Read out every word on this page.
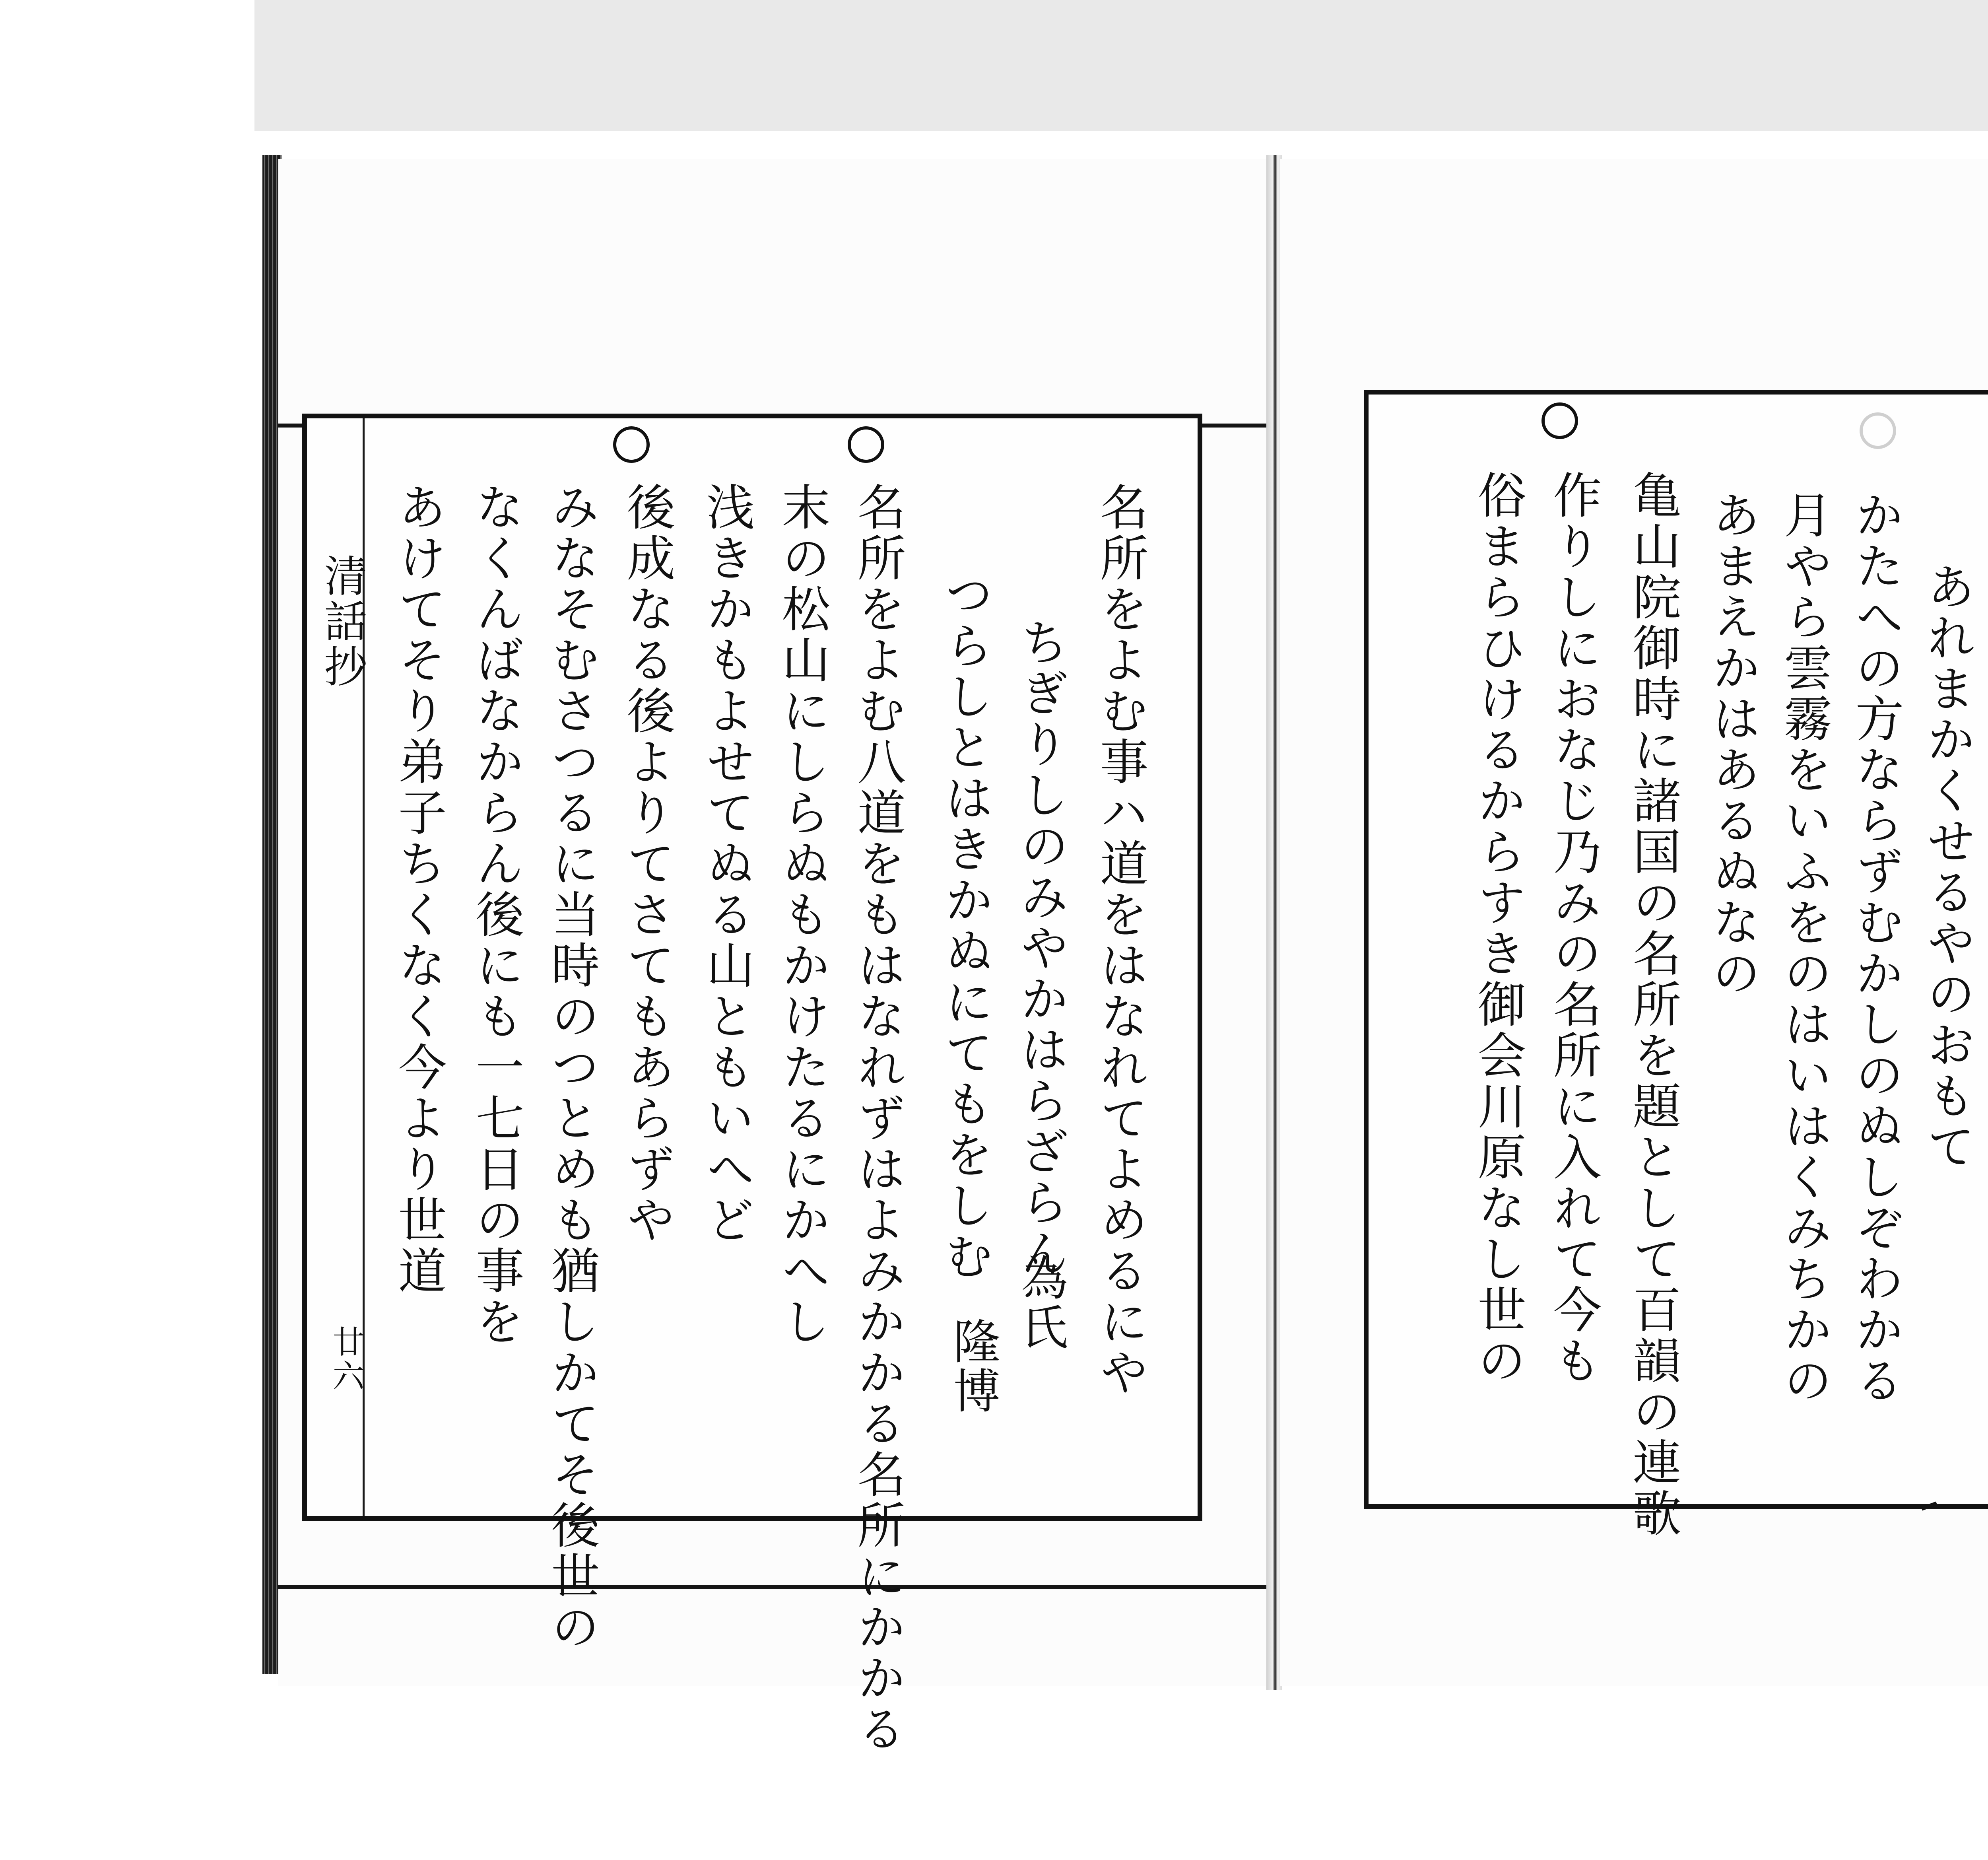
清話抄
廿六	名所をよむ事ハ道をはなれてよめるにや
ちぎりしのみやかはらざらん
つらしとはきかぬにてもをしむ
為氏
隆博
名所をよむ八道をもはなれずはよみかかる名所にかかる
末の松山にしらぬもかけたるにかへし
浅きかもよせてぬる山ともいへど
後成なる後よりてさてもあらずや
みなそむさつるに当時のつとめも猶しかてそ後世の
なくんばなからん後にも一七日の事を
あけてそり弟子ちくなく今より世道
　	あれまかくせるやのおもて
かたへの方ならずむかしのぬしぞわかる
月やら雲霧をいふをのはいはくみちかの
あまえかはあるぬなの
亀山院御時に諸国の名所を題として百韻の連歌
作りしにおなじ乃みの名所に入れて今も
俗まらひけるからすき御会川原なし世の
